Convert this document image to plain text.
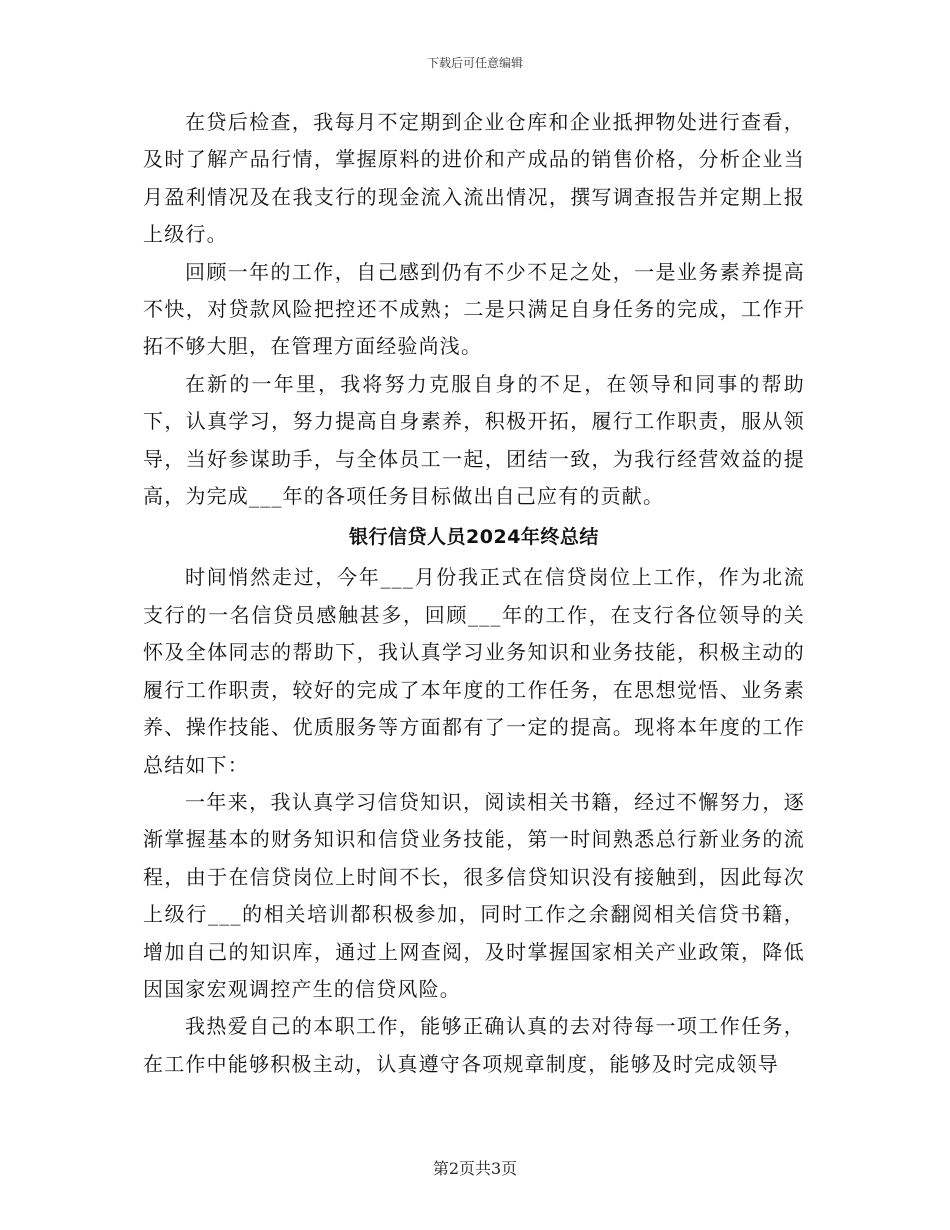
下载后可任意编辑

在贷后检查，我每月不定期到企业仓库和企业抵押物处进行查看，及时了解产品行情，掌握原料的进价和产成品的销售价格，分析企业当月盈利情况及在我支行的现金流入流出情况，撰写调查报告并定期上报上级行。

回顾一年的工作，自己感到仍有不少不足之处，一是业务素养提高不快，对贷款风险把控还不成熟；二是只满足自身任务的完成，工作开拓不够大胆，在管理方面经验尚浅。

在新的一年里，我将努力克服自身的不足，在领导和同事的帮助下，认真学习，努力提高自身素养，积极开拓，履行工作职责，服从领导，当好参谋助手，与全体员工一起，团结一致，为我行经营效益的提高，为完成___年的各项任务目标做出自己应有的贡献。

银行信贷人员2024年终总结

时间悄然走过，今年___月份我正式在信贷岗位上工作，作为北流支行的一名信贷员感触甚多，回顾___年的工作，在支行各位领导的关怀及全体同志的帮助下，我认真学习业务知识和业务技能，积极主动的履行工作职责，较好的完成了本年度的工作任务，在思想觉悟、业务素养、操作技能、优质服务等方面都有了一定的提高。现将本年度的工作总结如下：

一年来，我认真学习信贷知识，阅读相关书籍，经过不懈努力，逐渐掌握基本的财务知识和信贷业务技能，第一时间熟悉总行新业务的流程，由于在信贷岗位上时间不长，很多信贷知识没有接触到，因此每次上级行___的相关培训都积极参加，同时工作之余翻阅相关信贷书籍，增加自己的知识库，通过上网查阅，及时掌握国家相关产业政策，降低因国家宏观调控产生的信贷风险。

我热爱自己的本职工作，能够正确认真的去对待每一项工作任务，在工作中能够积极主动，认真遵守各项规章制度，能够及时完成领导

第2页共3页
